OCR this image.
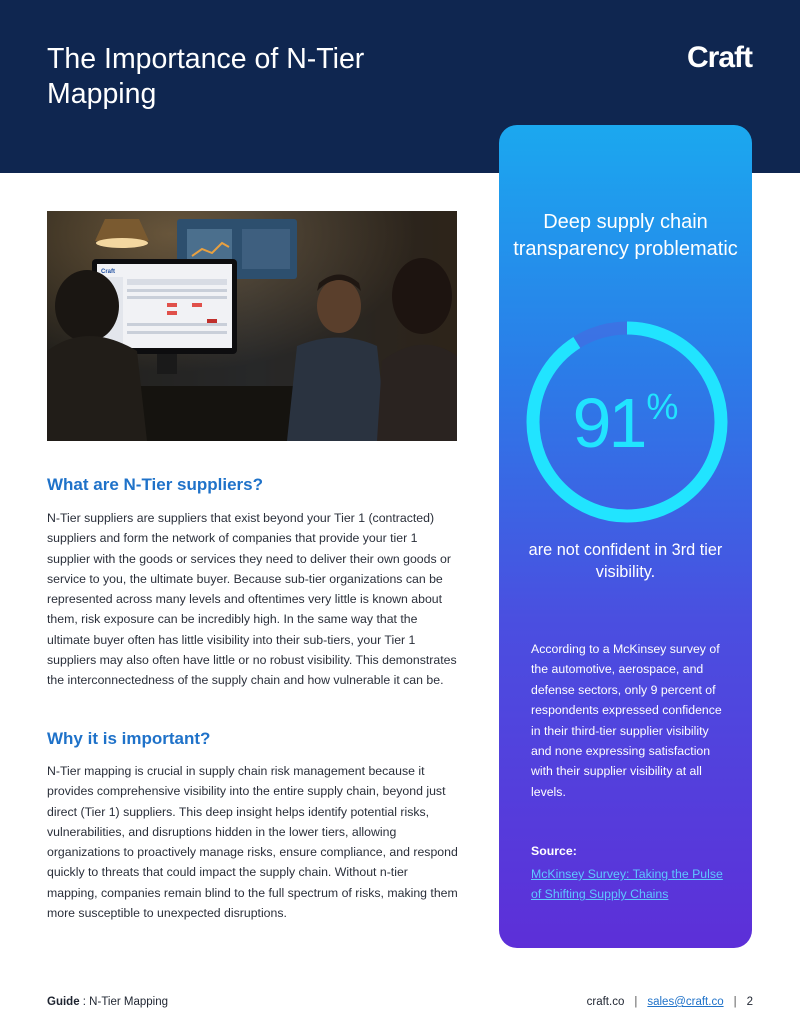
The Importance of N-Tier Mapping
Craft
Craft
What are N-Tier suppliers?

N-Tier suppliers are suppliers that exist beyond your Tier 1 (contracted) suppliers and form the network of companies that provide your tier 1 supplier with the goods or services they need to deliver their own goods or service to you, the ultimate buyer. Because sub-tier organizations can be represented across many levels and oftentimes very little is known about them, risk exposure can be incredibly high. In the same way that the ultimate buyer often has little visibility into their sub-tiers, your Tier 1 suppliers may also often have little or no robust visibility. This demonstrates the interconnectedness of the supply chain and how vulnerable it can be.

Why it is important?

N-Tier mapping is crucial in supply chain risk management because it provides comprehensive visibility into the entire supply chain, beyond just direct (Tier 1) suppliers. This deep insight helps identify potential risks, vulnerabilities, and disruptions hidden in the lower tiers, allowing organizations to proactively manage risks, ensure compliance, and respond quickly to threats that could impact the supply chain. Without n-tier mapping, companies remain blind to the full spectrum of risks, making them more susceptible to unexpected disruptions.

Deep supply chain transparency problematic
91%
are not confident in 3rd tier visibility.

According to a McKinsey survey of the automotive, aerospace, and defense sectors, only 9 percent of respondents expressed confidence in their third-tier supplier visibility and none expressing satisfaction with their supplier visibility at all levels.

Source:
McKinsey Survey: Taking the Pulse of Shifting Supply Chains
Guide : N-Tier Mapping	craft.co | sales@craft.co | 2
